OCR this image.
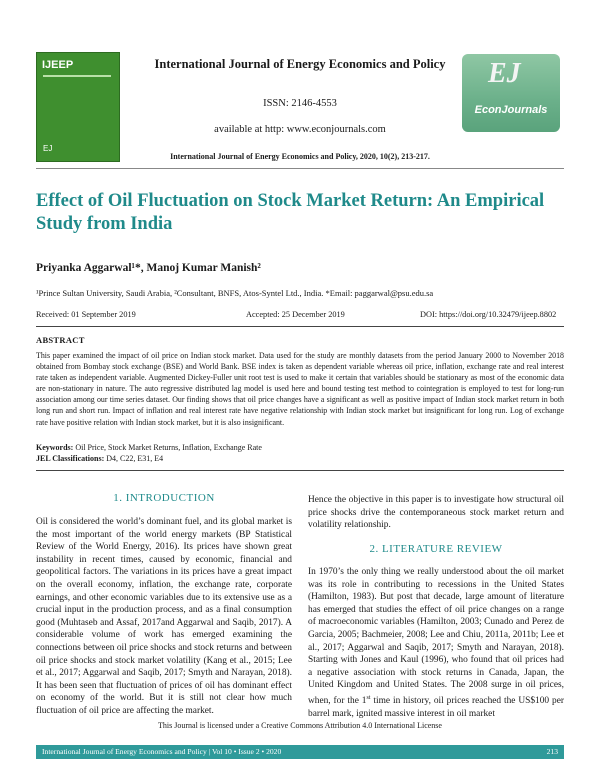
IJEEP
EJ
International Journal of Energy Economics and Policy
ISSN: 2146-4553
available at http: www.econjournals.com
International Journal of Energy Economics and Policy, 2020, 10(2), 213-217.
EJ
EconJournals
Effect of Oil Fluctuation on Stock Market Return: An Empirical Study from India
Priyanka Aggarwal¹*, Manoj Kumar Manish²
¹Prince Sultan University, Saudi Arabia, ²Consultant, BNFS, Atos-Syntel Ltd., India. *Email: paggarwal@psu.edu.sa
Received: 01 September 2019	Accepted: 25 December 2019	DOI: https://doi.org/10.32479/ijeep.8802
ABSTRACT
This paper examined the impact of oil price on Indian stock market. Data used for the study are monthly datasets from the period January 2000 to November 2018 obtained from Bombay stock exchange (BSE) and World Bank. BSE index is taken as dependent variable whereas oil price, inflation, exchange rate and real interest rate taken as independent variable. Augmented Dickey-Fuller unit root test is used to make it certain that variables should be stationary as most of the economic data are non-stationary in nature. The auto regressive distributed lag model is used here and bound testing test method to cointegration is employed to test for long-run association among our time series dataset. Our finding shows that oil price changes have a significant as well as positive impact of Indian stock market return in both long run and short run. Impact of inflation and real interest rate have negative relationship with Indian stock market but insignificant for long run. Log of exchange rate have positive relation with Indian stock market, but it is also insignificant.
Keywords: Oil Price, Stock Market Returns, Inflation, Exchange Rate
JEL Classifications: D4, C22, E31, E4
1. INTRODUCTION
Oil is considered the world’s dominant fuel, and its global market is the most important of the world energy markets (BP Statistical Review of the World Energy, 2016). Its prices have shown great instability in recent times, caused by economic, financial and geopolitical factors. The variations in its prices have a great impact on the overall economy, inflation, the exchange rate, corporate earnings, and other economic variables due to its extensive use as a crucial input in the production process, and as a final consumption good (Muhtaseb and Assaf, 2017and Aggarwal and Saqib, 2017). A considerable volume of work has emerged examining the connections between oil price shocks and stock returns and between oil price shocks and stock market volatility (Kang et al., 2015; Lee et al., 2017; Aggarwal and Saqib, 2017; Smyth and Narayan, 2018). It has been seen that fluctuation of prices of oil has dominant effect on economy of the world. But it is still not clear how much fluctuation of oil price are affecting the market.
Hence the objective in this paper is to investigate how structural oil price shocks drive the contemporaneous stock market return and volatility relationship.
2. LITERATURE REVIEW
In 1970’s the only thing we really understood about the oil market was its role in contributing to recessions in the United States (Hamilton, 1983). But post that decade, large amount of literature has emerged that studies the effect of oil price changes on a range of macroeconomic variables (Hamilton, 2003; Cunado and Perez de Garcia, 2005; Bachmeier, 2008; Lee and Chiu, 2011a, 2011b; Lee et al., 2017; Aggarwal and Saqib, 2017; Smyth and Narayan, 2018). Starting with Jones and Kaul (1996), who found that oil prices had a negative association with stock returns in Canada, Japan, the United Kingdom and United States. The 2008 surge in oil prices, when, for the 1st time in history, oil prices reached the US$100 per barrel mark, ignited massive interest in oil market
This Journal is licensed under a Creative Commons Attribution 4.0 International License
International Journal of Energy Economics and Policy | Vol 10 • Issue 2 • 2020	213
